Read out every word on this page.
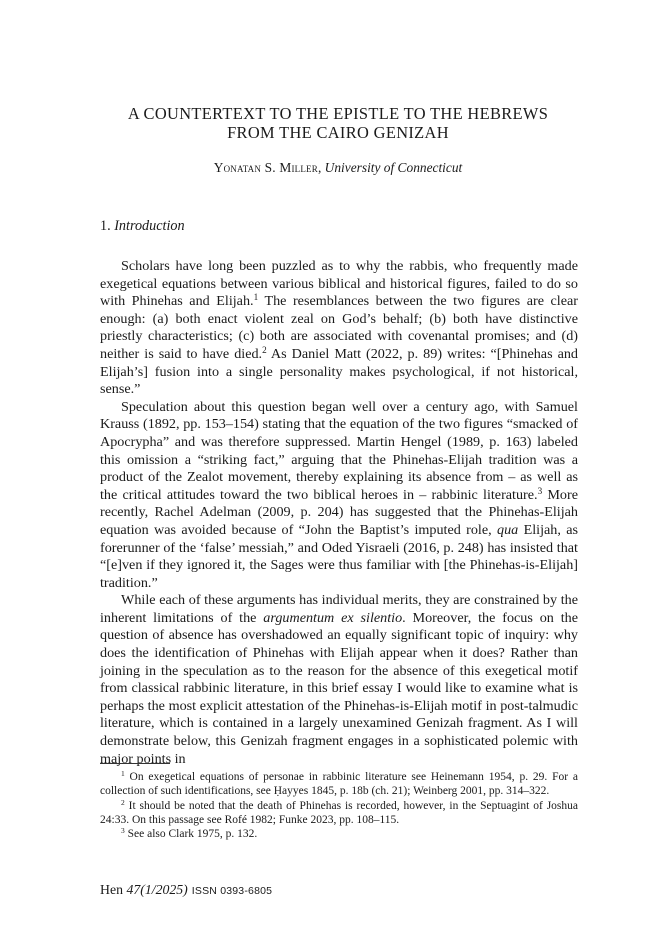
A COUNTERTEXT TO THE EPISTLE TO THE HEBREWS
FROM THE CAIRO GENIZAH

Yonatan S. Miller, University of Connecticut

1. Introduction

Scholars have long been puzzled as to why the rabbis, who frequently made exegetical equations between various biblical and historical figures, failed to do so with Phinehas and Elijah.$^1$ The resemblances between the two figures are clear enough: (a) both enact violent zeal on God’s behalf; (b) both have distinctive priestly characteristics; (c) both are associated with covenantal promises; and (d) neither is said to have died.$^2$ As Daniel Matt (2022, p. 89) writes: “[Phinehas and Elijah’s] fusion into a single personality makes psychological, if not historical, sense.”

Speculation about this question began well over a century ago, with Samuel Krauss (1892, pp. 153–154) stating that the equation of the two figures “smacked of Apocrypha” and was therefore suppressed. Martin Hengel (1989, p. 163) labeled this omission a “striking fact,” arguing that the Phinehas-Elijah tradition was a product of the Zealot movement, thereby explaining its absence from – as well as the critical attitudes toward the two biblical heroes in – rabbinic literature.$^3$ More recently, Rachel Adelman (2009, p. 204) has suggested that the Phinehas-Elijah equation was avoided because of “John the Baptist’s imputed role, qua Elijah, as forerunner of the ‘false’ messiah,” and Oded Yisraeli (2016, p. 248) has insisted that “[e]ven if they ignored it, the Sages were thus familiar with [the Phinehas-is-Elijah] tradition.”

While each of these arguments has individual merits, they are constrained by the inherent limitations of the argumentum ex silentio. Moreover, the focus on the question of absence has overshadowed an equally significant topic of inquiry: why does the identification of Phinehas with Elijah appear when it does? Rather than joining in the speculation as to the reason for the absence of this exegetical motif from classical rabbinic literature, in this brief essay I would like to examine what is perhaps the most explicit attestation of the Phinehas-is-Elijah motif in post-talmudic literature, which is contained in a largely unexamined Genizah fragment. As I will demonstrate below, this Genizah fragment engages in a sophisticated polemic with major points in

$^1$ On exegetical equations of personae in rabbinic literature see Heinemann 1954, p. 29. For a collection of such identifications, see Ḥayyes 1845, p. 18b (ch. 21); Weinberg 2001, pp. 314–322.

$^2$ It should be noted that the death of Phinehas is recorded, however, in the Septuagint of Joshua 24:33. On this passage see Rofé 1982; Funke 2023, pp. 108–115.

$^3$ See also Clark 1975, p. 132.

Hen 47(1/2025) ISSN 0393-6805
